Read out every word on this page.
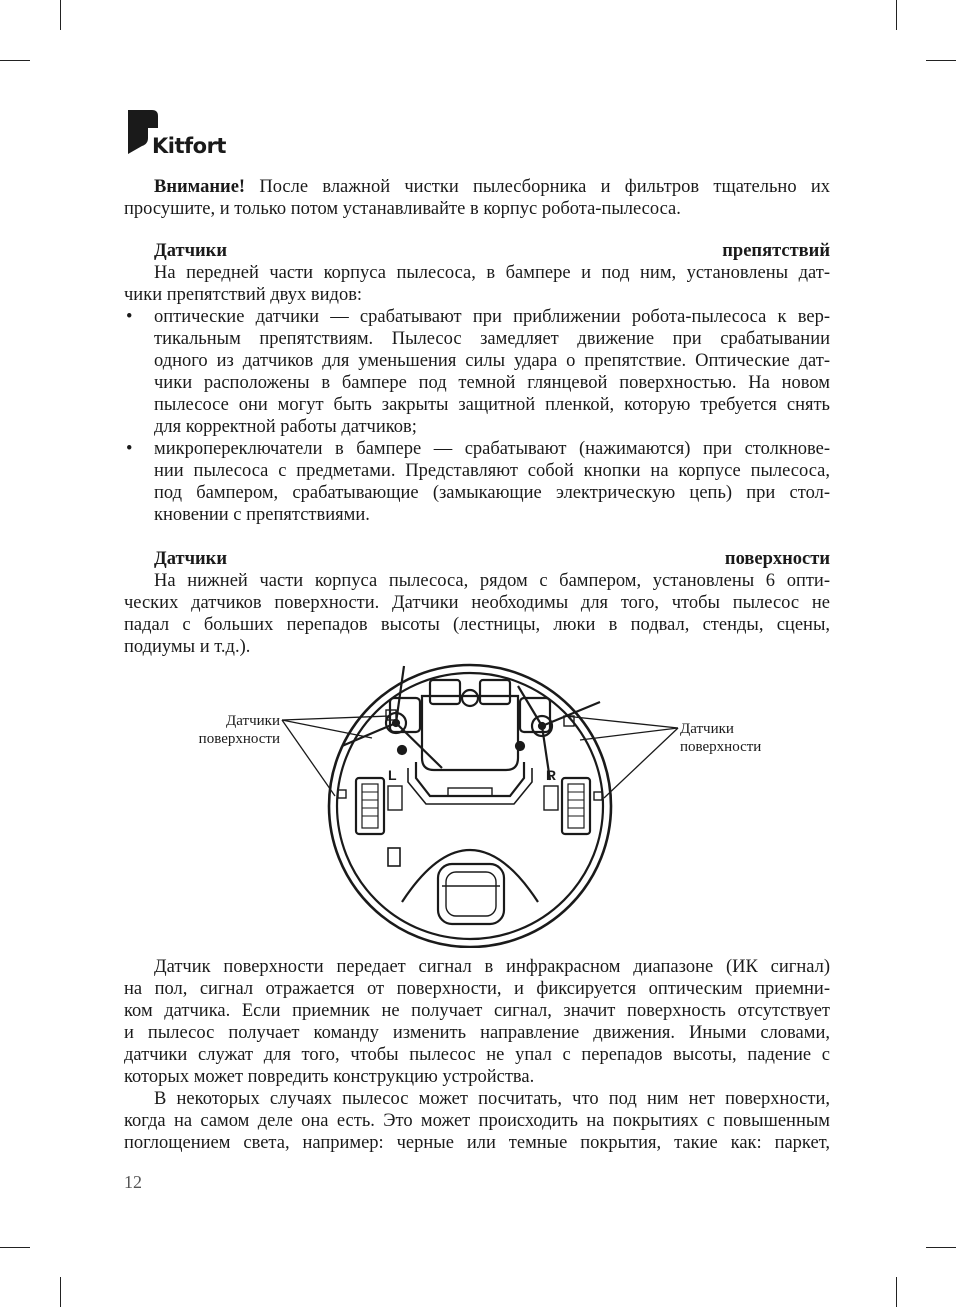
Kitfort

Внимание! После влажной чистки пылесборника и фильтров тщательно их

просушите, и только потом устанавливайте в корпус робота-пылесоса.

Датчики препятствий

На передней части корпуса пылесоса, в бампере и под ним, установлены дат-

чики препятствий двух видов:

• оптические датчики — срабатывают при приближении робота-пылесоса к вер-

тикальным препятствиям. Пылесос замедляет движение при срабатывании

одного из датчиков для уменьшения силы удара о препятствие. Оптические дат-

чики расположены в бампере под темной глянцевой поверхностью. На новом

пылесосе они могут быть закрыты защитной пленкой, которую требуется снять

для корректной работы датчиков;

• микропереключатели в бампере — срабатывают (нажимаются) при столкнове-

нии пылесоса с предметами. Представляют собой кнопки на корпусе пылесоса,

под бампером, срабатывающие (замыкающие электрическую цепь) при стол-

кновении с препятствиями.

Датчики поверхности

На нижней части корпуса пылесоса, рядом с бампером, установлены 6 опти-

ческих датчиков поверхности. Датчики необходимы для того, чтобы пылесос не

падал с больших перепадов высоты (лестницы, люки в подвал, стенды, сцены,

подиумы и т.д.).

Датчики
поверхности
Датчики
поверхности
L	R

Датчик поверхности передает сигнал в инфракрасном диапазоне (ИК сигнал)

на пол, сигнал отражается от поверхности, и фиксируется оптическим приемни-

ком датчика. Если приемник не получает сигнал, значит поверхность отсутствует

и пылесос получает команду изменить направление движения. Иными словами,

датчики служат для того, чтобы пылесос не упал с перепадов высоты, падение с

которых может повредить конструкцию устройства.

В некоторых случаях пылесос может посчитать, что под ним нет поверхности,

когда на самом деле она есть. Это может происходить на покрытиях с повышенным

поглощением света, например: черные или темные покрытия, такие как: паркет,

12
